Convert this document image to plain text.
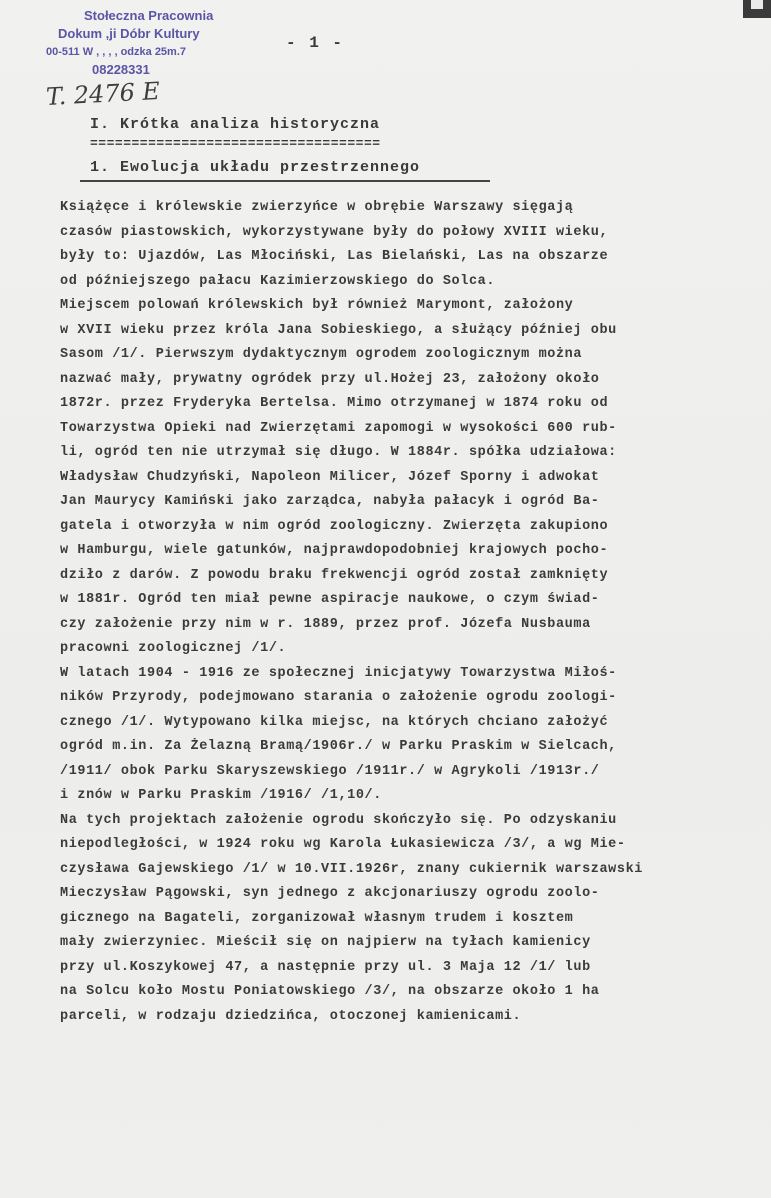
Stołeczna Pracownia
Dokum ,ji Dóbr Kultury
00-511 W , , , , odzka 25m.7
08228331
- 1 -
T. 2476 E
I. Krótka analiza historyczna
===================================
1. Ewolucja układu przestrzennego
Książęce i królewskie zwierzyńce w obrębie Warszawy sięgają
czasów piastowskich, wykorzystywane były do połowy XVIII wieku,
były to: Ujazdów, Las Młociński, Las Bielański, Las na obszarze
od późniejszego pałacu Kazimierzowskiego do Solca.
Miejscem polowań królewskich był również Marymont, założony
w XVII wieku przez króla Jana Sobieskiego, a służący później obu
Sasom /1/. Pierwszym dydaktycznym ogrodem zoologicznym można
nazwać mały, prywatny ogródek przy ul.Hożej 23, założony około
1872r. przez Fryderyka Bertelsa. Mimo otrzymanej w 1874 roku od
Towarzystwa Opieki nad Zwierzętami zapomogi w wysokości 600 rub-
li, ogród ten nie utrzymał się długo. W 1884r. spółka udziałowa:
Władysław Chudzyński, Napoleon Milicer, Józef Sporny i adwokat
Jan Maurycy Kamiński jako zarządca, nabyła pałacyk i ogród Ba-
gatela i otworzyła w nim ogród zoologiczny. Zwierzęta zakupiono
w Hamburgu, wiele gatunków, najprawdopodobniej krajowych pocho-
dziło z darów. Z powodu braku frekwencji ogród został zamknięty
w 1881r. Ogród ten miał pewne aspiracje naukowe, o czym świad-
czy założenie przy nim w r. 1889, przez prof. Józefa Nusbauma
pracowni zoologicznej /1/.
W latach 1904 - 1916 ze społecznej inicjatywy Towarzystwa Miłoś-
ników Przyrody, podejmowano starania o założenie ogrodu zoologi-
cznego /1/. Wytypowano kilka miejsc, na których chciano założyć
ogród m.in. Za Żelazną Bramą/1906r./ w Parku Praskim w Sielcach,
/1911/ obok Parku Skaryszewskiego /1911r./ w Agrykoli /1913r./
i znów w Parku Praskim /1916/ /1,10/.
Na tych projektach założenie ogrodu skończyło się. Po odzyskaniu
niepodległości, w 1924 roku wg Karola Łukasiewicza /3/, a wg Mie-
czysława Gajewskiego /1/ w 10.VII.1926r, znany cukiernik warszawski
Mieczysław Pągowski, syn jednego z akcjonariuszy ogrodu zoolo-
gicznego na Bagateli, zorganizował własnym trudem i kosztem
mały zwierzyniec. Mieścił się on najpierw na tyłach kamienicy
przy ul.Koszykowej 47, a następnie przy ul. 3 Maja 12 /1/ lub
na Solcu koło Mostu Poniatowskiego /3/, na obszarze około 1 ha
parceli, w rodzaju dziedzińca, otoczonej kamienicami.
